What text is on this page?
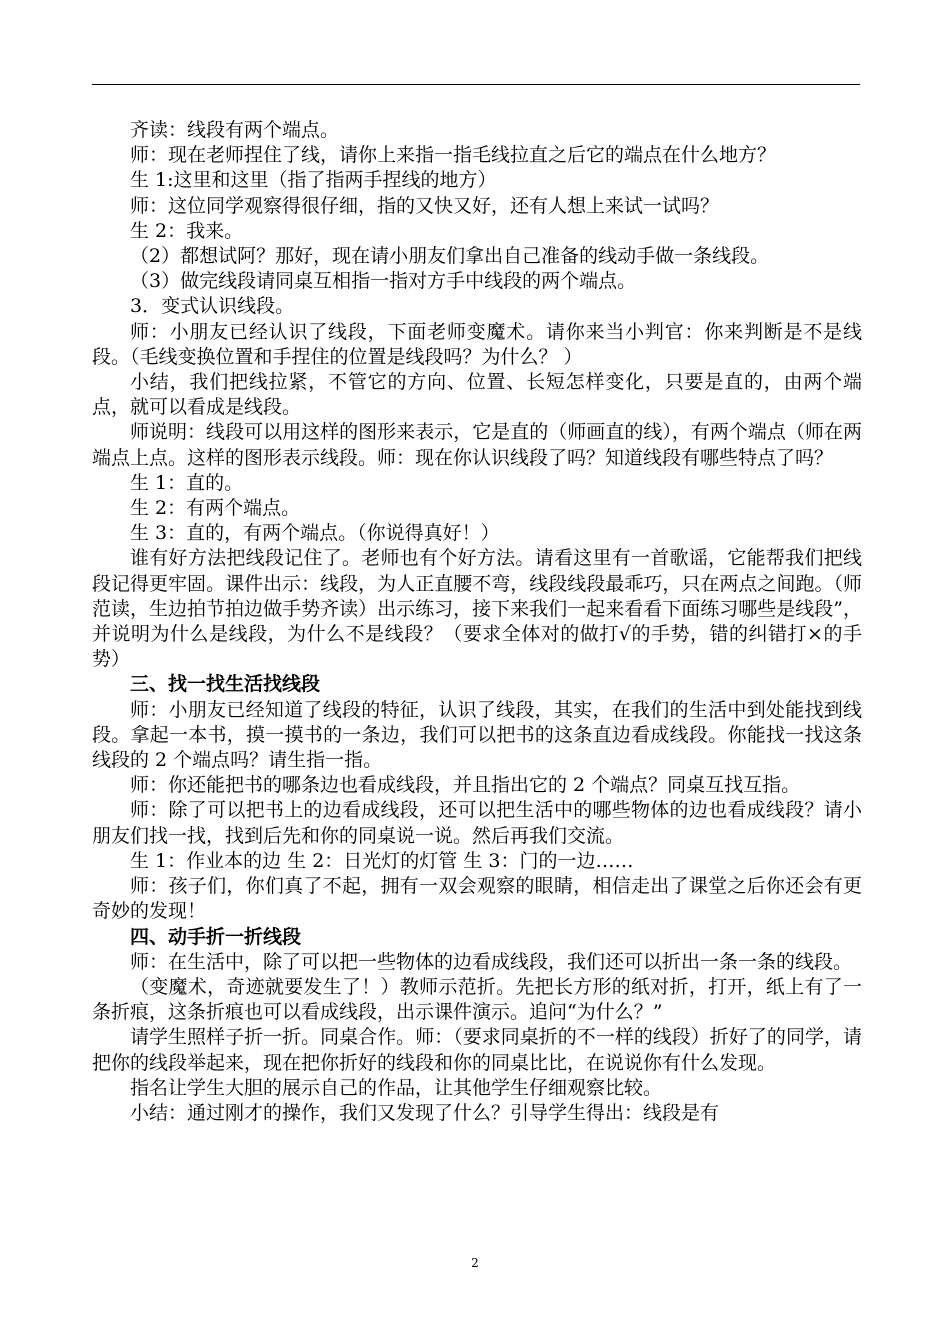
齐读：线段有两个端点。

师：现在老师捏住了线，请你上来指一指毛线拉直之后它的端点在什么地方？

生 1:这里和这里（指了指两手捏线的地方）

师：这位同学观察得很仔细，指的又快又好，还有人想上来试一试吗？

生 2：我来。

（2）都想试阿？那好，现在请小朋友们拿出自己准备的线动手做一条线段。

（3）做完线段请同桌互相指一指对方手中线段的两个端点。

3．变式认识线段。

师：小朋友已经认识了线段，下面老师变魔术。请你来当小判官：你来判断是不是线段。（毛线变换位置和手捏住的位置是线段吗？为什么？ ）

小结，我们把线拉紧，不管它的方向、位置、长短怎样变化，只要是直的，由两个端点，就可以看成是线段。

师说明：线段可以用这样的图形来表示，它是直的（师画直的线），有两个端点（师在两端点上点。这样的图形表示线段。师：现在你认识线段了吗？知道线段有哪些特点了吗？

生 1：直的。

生 2：有两个端点。

生 3：直的，有两个端点。（你说得真好！）

谁有好方法把线段记住了。老师也有个好方法。请看这里有一首歌谣，它能帮我们把线段记得更牢固。课件出示：线段，为人正直腰不弯，线段线段最乖巧，只在两点之间跑。（师范读，生边拍节拍边做手势齐读）出示练习，接下来我们一起来看看下面练习哪些是线段”，并说明为什么是线段，为什么不是线段？（要求全体对的做打√的手势，错的纠错打×的手势）

三、找一找生活找线段

师：小朋友已经知道了线段的特征，认识了线段，其实，在我们的生活中到处能找到线段。拿起一本书，摸一摸书的一条边，我们可以把书的这条直边看成线段。你能找一找这条线段的 2 个端点吗？请生指一指。

师：你还能把书的哪条边也看成线段，并且指出它的 2 个端点？同桌互找互指。

师：除了可以把书上的边看成线段，还可以把生活中的哪些物体的边也看成线段？请小朋友们找一找，找到后先和你的同桌说一说。然后再我们交流。

生 1：作业本的边 生 2：日光灯的灯管 生 3：门的一边……

师：孩子们，你们真了不起，拥有一双会观察的眼睛，相信走出了课堂之后你还会有更奇妙的发现！

四、动手折一折线段

师：在生活中，除了可以把一些物体的边看成线段，我们还可以折出一条一条的线段。

（变魔术，奇迹就要发生了！）教师示范折。先把长方形的纸对折，打开，纸上有了一条折痕，这条折痕也可以看成线段，出示课件演示。追问“为什么？”

请学生照样子折一折。同桌合作。师：（要求同桌折的不一样的线段）折好了的同学，请把你的线段举起来，现在把你折好的线段和你的同桌比比，在说说你有什么发现。

指名让学生大胆的展示自己的作品，让其他学生仔细观察比较。

小结：通过刚才的操作，我们又发现了什么？引导学生得出：线段是有

2
